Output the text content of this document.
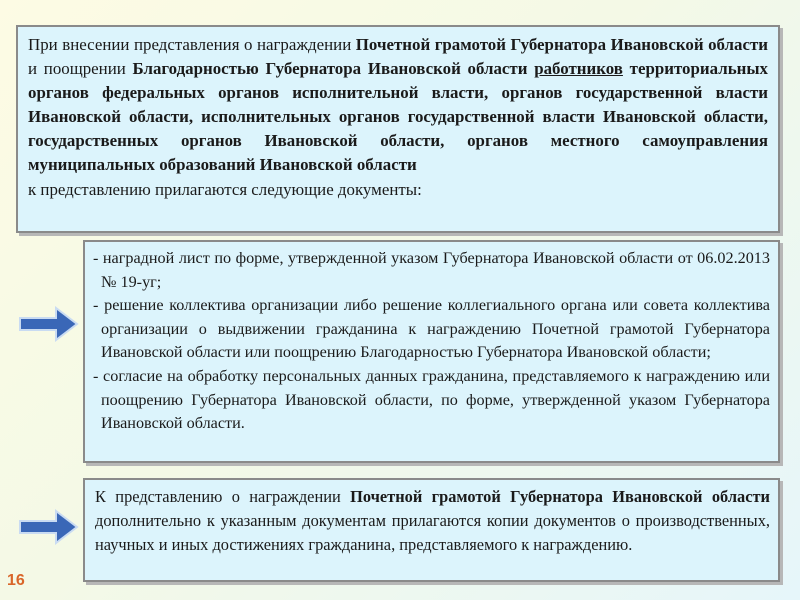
При внесении представления о награждении Почетной грамотой Губернатора Ивановской области и поощрении Благодарностью Губернатора Ивановской области работников территориальных органов федеральных органов исполнительной власти, органов государственной власти Ивановской области, исполнительных органов государственной власти Ивановской области, государственных органов Ивановской области, органов местного самоуправления муниципальных образований Ивановской области
к представлению прилагаются следующие документы:

- наградной лист по форме, утвержденной указом Губернатора Ивановской области от 06.02.2013 № 19-уг;

- решение коллектива организации либо решение коллегиального органа или совета коллектива организации о выдвижении гражданина к награждению Почетной грамотой Губернатора Ивановской области или поощрению Благодарностью Губернатора Ивановской области;

- согласие на обработку персональных данных гражданина, представляемого к награждению или поощрению Губернатора Ивановской области, по форме, утвержденной указом Губернатора Ивановской области.

К представлению о награждении Почетной грамотой Губернатора Ивановской области дополнительно к указанным документам прилагаются копии документов о производственных, научных и иных достижениях гражданина, представляемого к награждению.
16
